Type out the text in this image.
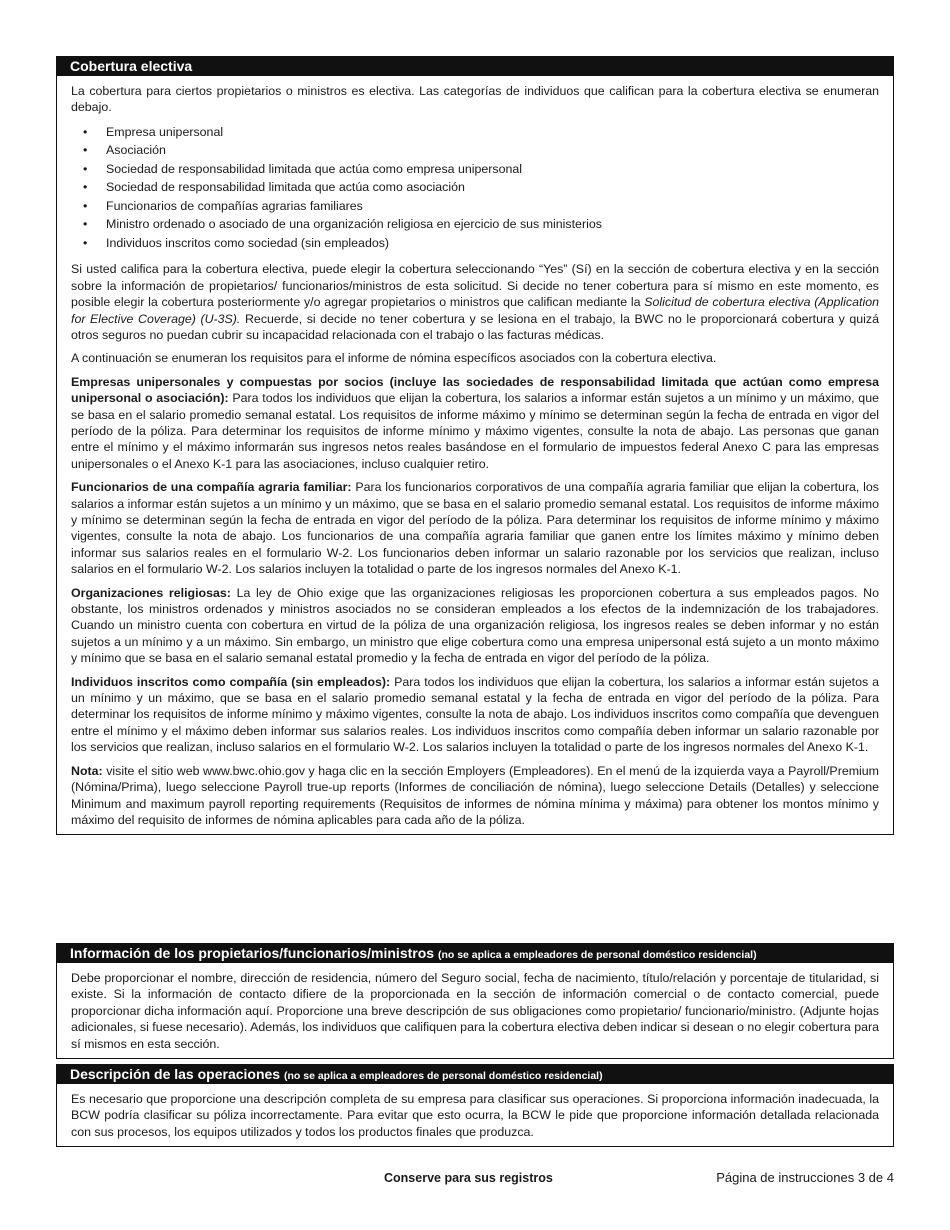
Cobertura electiva

La cobertura para ciertos propietarios o ministros es electiva. Las categorías de individuos que califican para la cobertura electiva se enumeran debajo.

• Empresa unipersonal
• Asociación
• Sociedad de responsabilidad limitada que actúa como empresa unipersonal
• Sociedad de responsabilidad limitada que actúa como asociación
• Funcionarios de compañías agrarias familiares
• Ministro ordenado o asociado de una organización religiosa en ejercicio de sus ministerios
• Individuos inscritos como sociedad (sin empleados)

Si usted califica para la cobertura electiva, puede elegir la cobertura seleccionando “Yes” (Sí) en la sección de cobertura electiva y en la sección sobre la información de propietarios/ funcionarios/ministros de esta solicitud. Si decide no tener cobertura para sí mismo en este momento, es posible elegir la cobertura posteriormente y/o agregar propietarios o ministros que califican mediante la Solicitud de cobertura electiva (Application for Elective Coverage) (U-3S). Recuerde, si decide no tener cobertura y se lesiona en el trabajo, la BWC no le proporcionará cobertura y quizá otros seguros no puedan cubrir su incapacidad relacionada con el trabajo o las facturas médicas.

A continuación se enumeran los requisitos para el informe de nómina específicos asociados con la cobertura electiva.

Empresas unipersonales y compuestas por socios (incluye las sociedades de responsabilidad limitada que actúan como empresa unipersonal o asociación): Para todos los individuos que elijan la cobertura, los salarios a informar están sujetos a un mínimo y un máximo, que se basa en el salario promedio semanal estatal. Los requisitos de informe máximo y mínimo se determinan según la fecha de entrada en vigor del período de la póliza. Para determinar los requisitos de informe mínimo y máximo vigentes, consulte la nota de abajo. Las personas que ganan entre el mínimo y el máximo informarán sus ingresos netos reales basándose en el formulario de impuestos federal Anexo C para las empresas unipersonales o el Anexo K-1 para las asociaciones, incluso cualquier retiro.

Funcionarios de una compañía agraria familiar: Para los funcionarios corporativos de una compañía agraria familiar que elijan la cobertura, los salarios a informar están sujetos a un mínimo y un máximo, que se basa en el salario promedio semanal estatal. Los requisitos de informe máximo y mínimo se determinan según la fecha de entrada en vigor del período de la póliza. Para determinar los requisitos de informe mínimo y máximo vigentes, consulte la nota de abajo. Los funcionarios de una compañía agraria familiar que ganen entre los límites máximo y mínimo deben informar sus salarios reales en el formulario W-2. Los funcionarios deben informar un salario razonable por los servicios que realizan, incluso salarios en el formulario W-2. Los salarios incluyen la totalidad o parte de los ingresos normales del Anexo K-1.

Organizaciones religiosas: La ley de Ohio exige que las organizaciones religiosas les proporcionen cobertura a sus empleados pagos. No obstante, los ministros ordenados y ministros asociados no se consideran empleados a los efectos de la indemnización de los trabajadores. Cuando un ministro cuenta con cobertura en virtud de la póliza de una organización religiosa, los ingresos reales se deben informar y no están sujetos a un mínimo y a un máximo. Sin embargo, un ministro que elige cobertura como una empresa unipersonal está sujeto a un monto máximo y mínimo que se basa en el salario semanal estatal promedio y la fecha de entrada en vigor del período de la póliza.

Individuos inscritos como compañía (sin empleados): Para todos los individuos que elijan la cobertura, los salarios a informar están sujetos a un mínimo y un máximo, que se basa en el salario promedio semanal estatal y la fecha de entrada en vigor del período de la póliza. Para determinar los requisitos de informe mínimo y máximo vigentes, consulte la nota de abajo. Los individuos inscritos como compañía que devenguen entre el mínimo y el máximo deben informar sus salarios reales. Los individuos inscritos como compañía deben informar un salario razonable por los servicios que realizan, incluso salarios en el formulario W-2. Los salarios incluyen la totalidad o parte de los ingresos normales del Anexo K-1.

Nota: visite el sitio web www.bwc.ohio.gov y haga clic en la sección Employers (Empleadores). En el menú de la izquierda vaya a Payroll/Premium (Nómina/Prima), luego seleccione Payroll true-up reports (Informes de conciliación de nómina), luego seleccione Details (Detalles) y seleccione Minimum and maximum payroll reporting requirements (Requisitos de informes de nómina mínima y máxima) para obtener los montos mínimo y máximo del requisito de informes de nómina aplicables para cada año de la póliza.

Información de los propietarios/funcionarios/ministros (no se aplica a empleadores de personal doméstico residencial)

Debe proporcionar el nombre, dirección de residencia, número del Seguro social, fecha de nacimiento, título/relación y porcentaje de titularidad, si existe. Si la información de contacto difiere de la proporcionada en la sección de información comercial o de contacto comercial, puede proporcionar dicha información aquí. Proporcione una breve descripción de sus obligaciones como propietario/ funcionario/ministro. (Adjunte hojas adicionales, si fuese necesario). Además, los individuos que califiquen para la cobertura electiva deben indicar si desean o no elegir cobertura para sí mismos en esta sección.

Descripción de las operaciones (no se aplica a empleadores de personal doméstico residencial)

Es necesario que proporcione una descripción completa de su empresa para clasificar sus operaciones. Si proporciona información inadecuada, la BCW podría clasificar su póliza incorrectamente. Para evitar que esto ocurra, la BCW le pide que proporcione información detallada relacionada con sus procesos, los equipos utilizados y todos los productos finales que produzca.

Conserve para sus registros	Página de instrucciones 3 de 4
